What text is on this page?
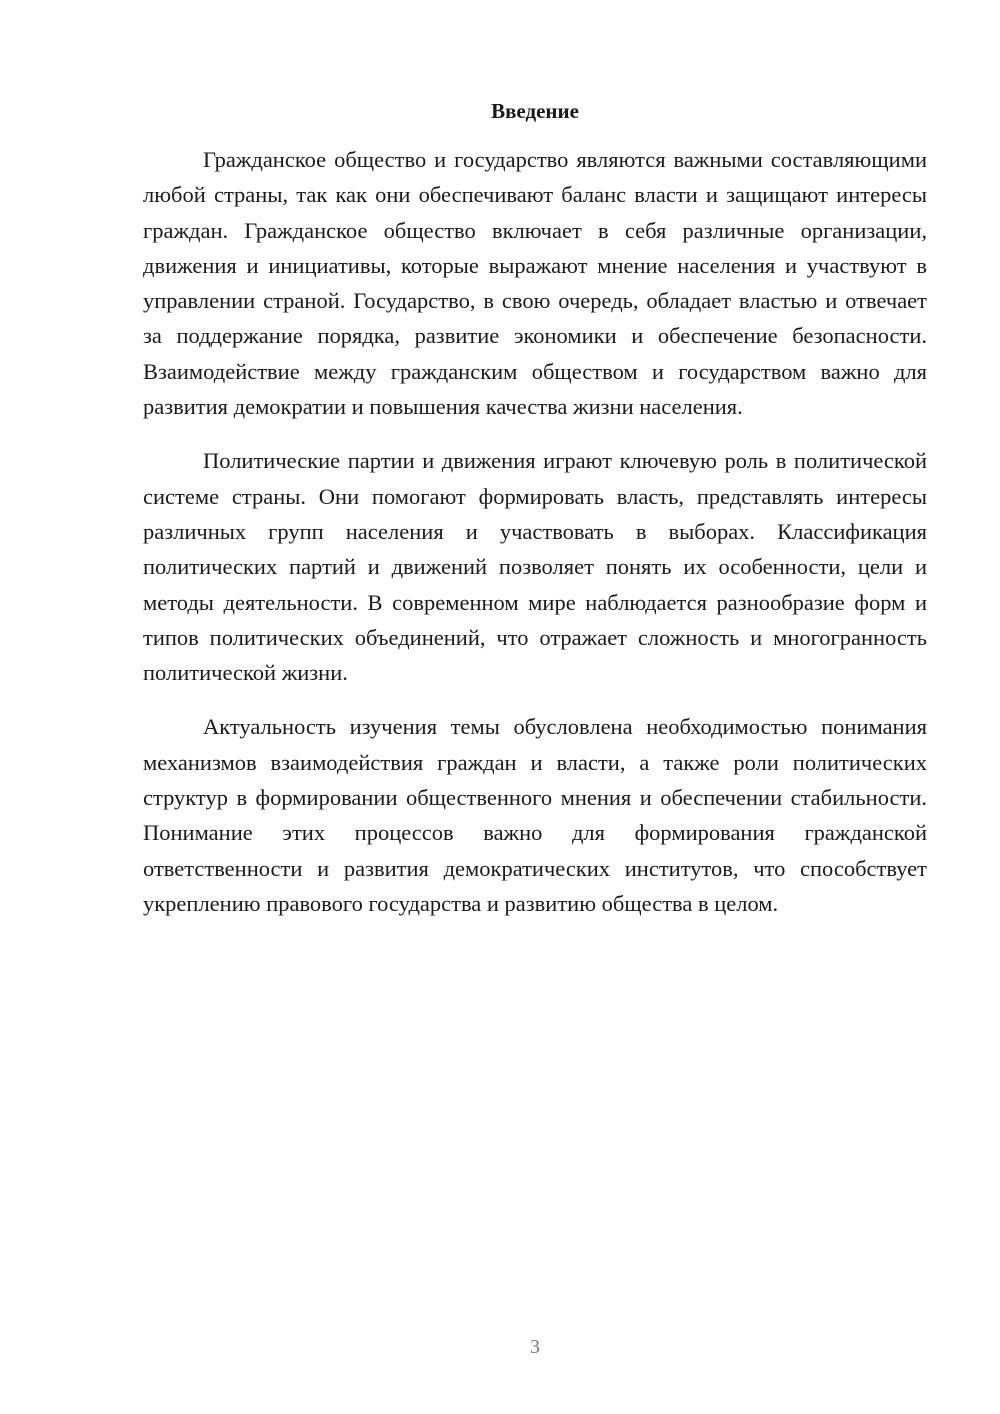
Введение

Гражданское общество и государство являются важными составляющими любой страны, так как они обеспечивают баланс власти и защищают интересы граждан. Гражданское общество включает в себя различные организации, движения и инициативы, которые выражают мнение населения и участвуют в управлении страной. Государство, в свою очередь, обладает властью и отвечает за поддержание порядка, развитие экономики и обеспечение безопасности. Взаимодействие между гражданским обществом и государством важно для развития демократии и повышения качества жизни населения.

Политические партии и движения играют ключевую роль в политической системе страны. Они помогают формировать власть, представлять интересы различных групп населения и участвовать в выборах. Классификация политических партий и движений позволяет понять их особенности, цели и методы деятельности. В современном мире наблюдается разнообразие форм и типов политических объединений, что отражает сложность и многогранность политической жизни.

Актуальность изучения темы обусловлена необходимостью понимания механизмов взаимодействия граждан и власти, а также роли политических структур в формировании общественного мнения и обеспечении стабильности. Понимание этих процессов важно для формирования гражданской ответственности и развития демократических институтов, что способствует укреплению правового государства и развитию общества в целом.

3
